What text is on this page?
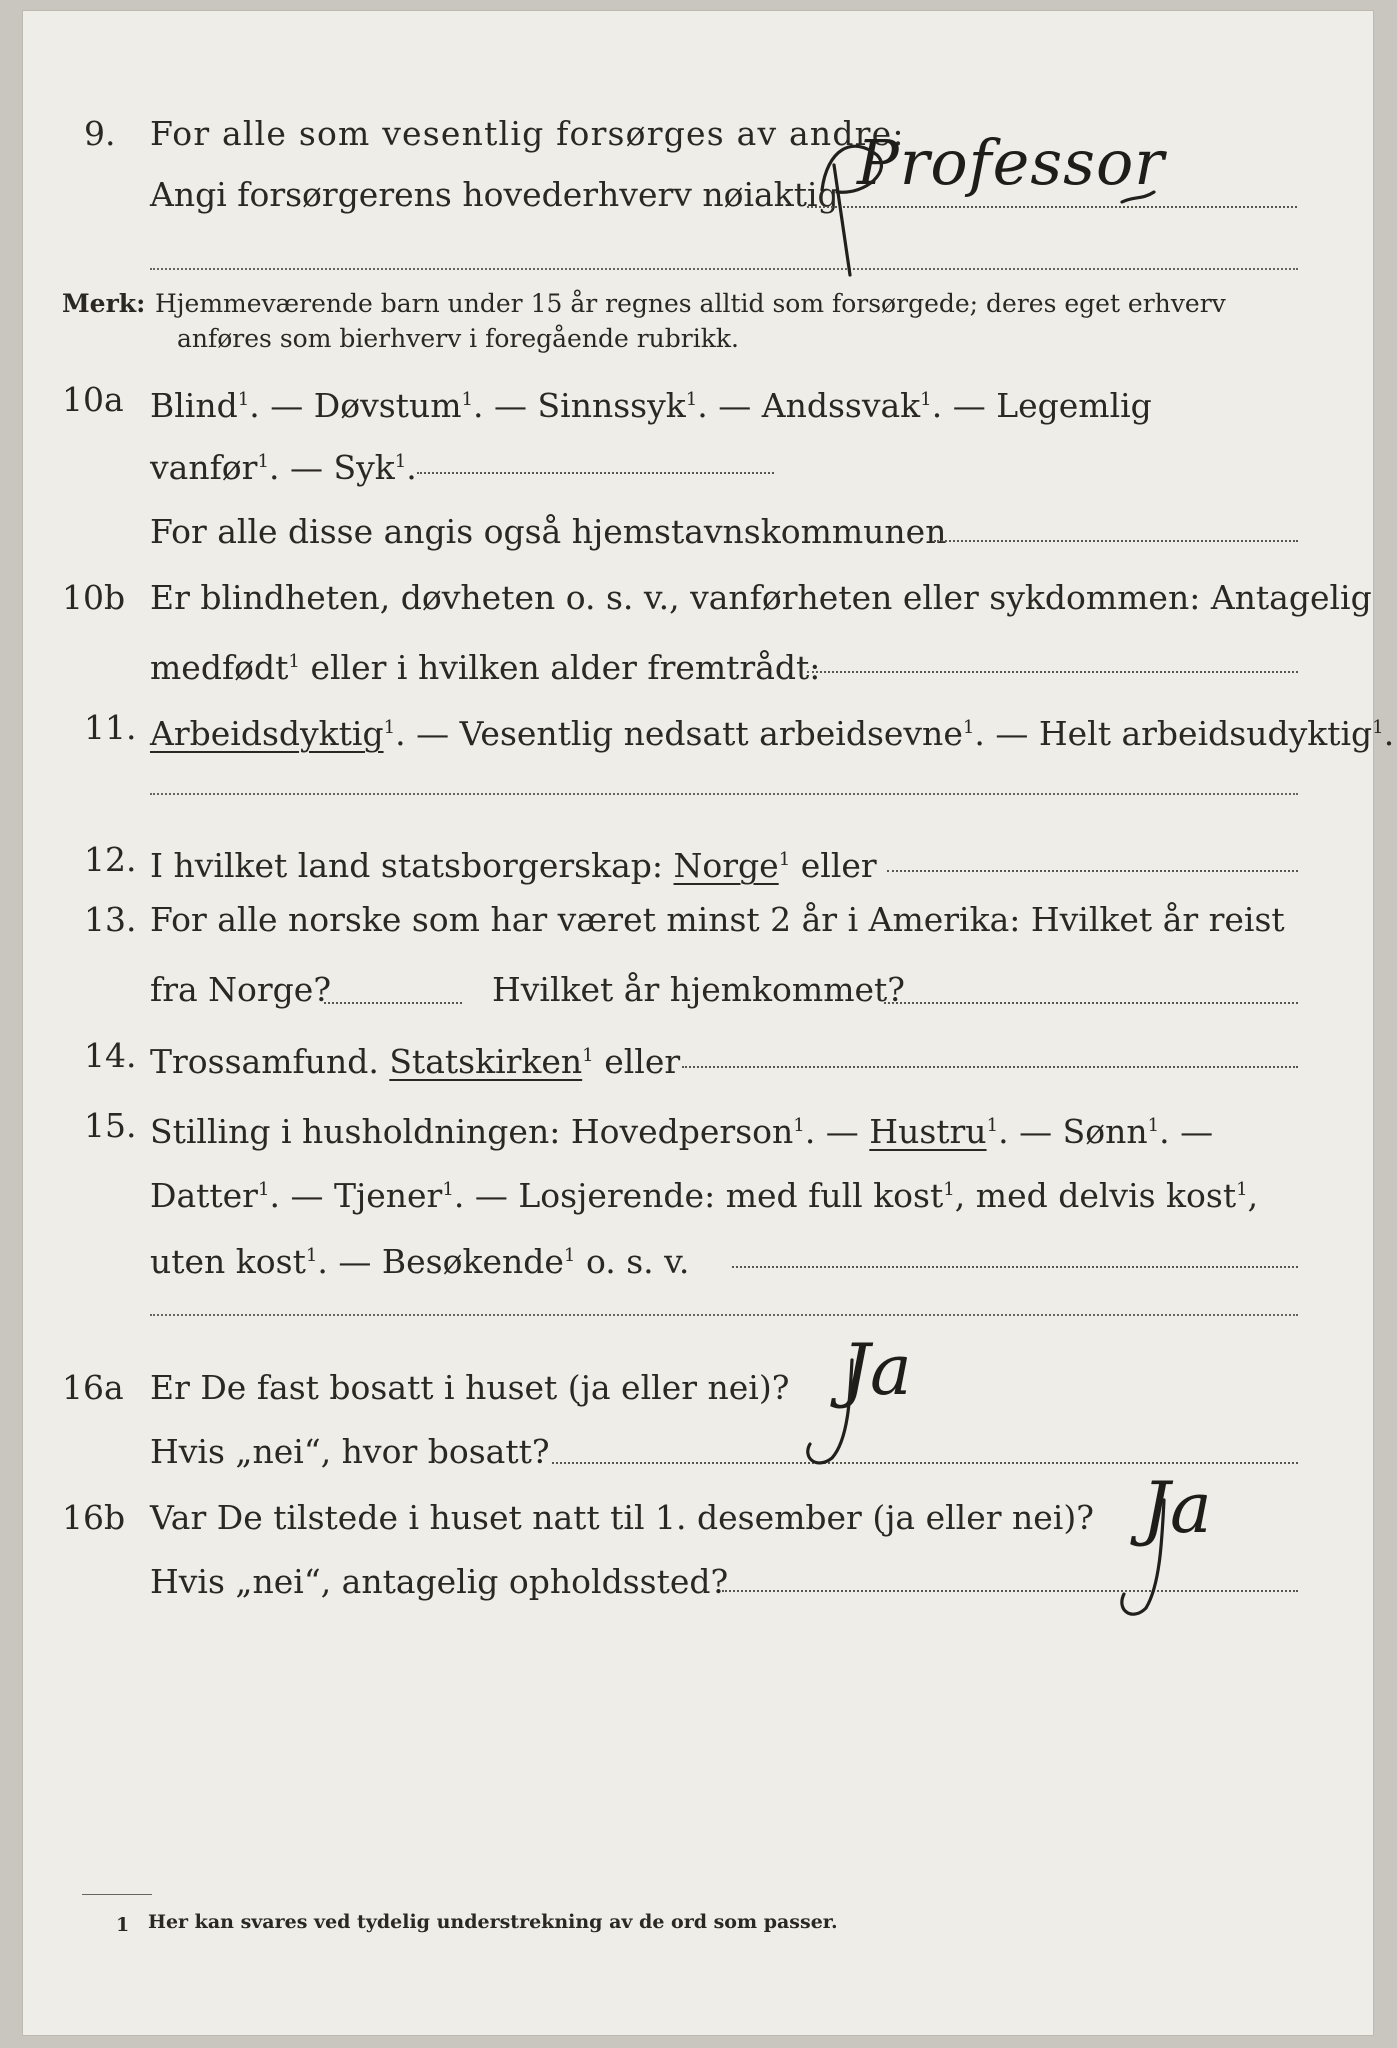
9. For alle som vesentlig forsørges av andre:
Angi forsørgerens hovederhverv nøiaktig Professor
Merk: Hjemmeværende barn under 15 år regnes alltid som forsørgede; deres eget erhverv
anføres som bierhverv i foregående rubrikk.
10a Blind$^1$. — Døvstum$^1$. — Sinnssyk$^1$. — Andssvak$^1$. — Legemlig
vanfør$^1$. — Syk$^1$.
For alle disse angis også hjemstavnskommunen
10b Er blindheten, døvheten o. s. v., vanførheten eller sykdommen: Antagelig
medfødt$^1$ eller i hvilken alder fremtrådt:
11. Arbeidsdyktig$^1$. — Vesentlig nedsatt arbeidsevne$^1$. — Helt arbeidsudyktig$^1$.
12. I hvilket land statsborgerskap: Norge$^1$ eller
13. For alle norske som har været minst 2 år i Amerika: Hvilket år reist
fra Norge?	Hvilket år hjemkommet?
14. Trossamfund. Statskirken$^1$ eller
15. Stilling i husholdningen: Hovedperson$^1$. — Hustru$^1$. — Sønn$^1$. —
Datter$^1$. — Tjener$^1$. — Losjerende: med full kost$^1$, med delvis kost$^1$,
uten kost$^1$. — Besøkende$^1$ o. s. v.
16a Er De fast bosatt i huset (ja eller nei)? Ja
Hvis „nei“, hvor bosatt?
16b Var De tilstede i huset natt til 1. desember (ja eller nei)? Ja
Hvis „nei“, antagelig opholdssted?
1 Her kan svares ved tydelig understrekning av de ord som passer.
